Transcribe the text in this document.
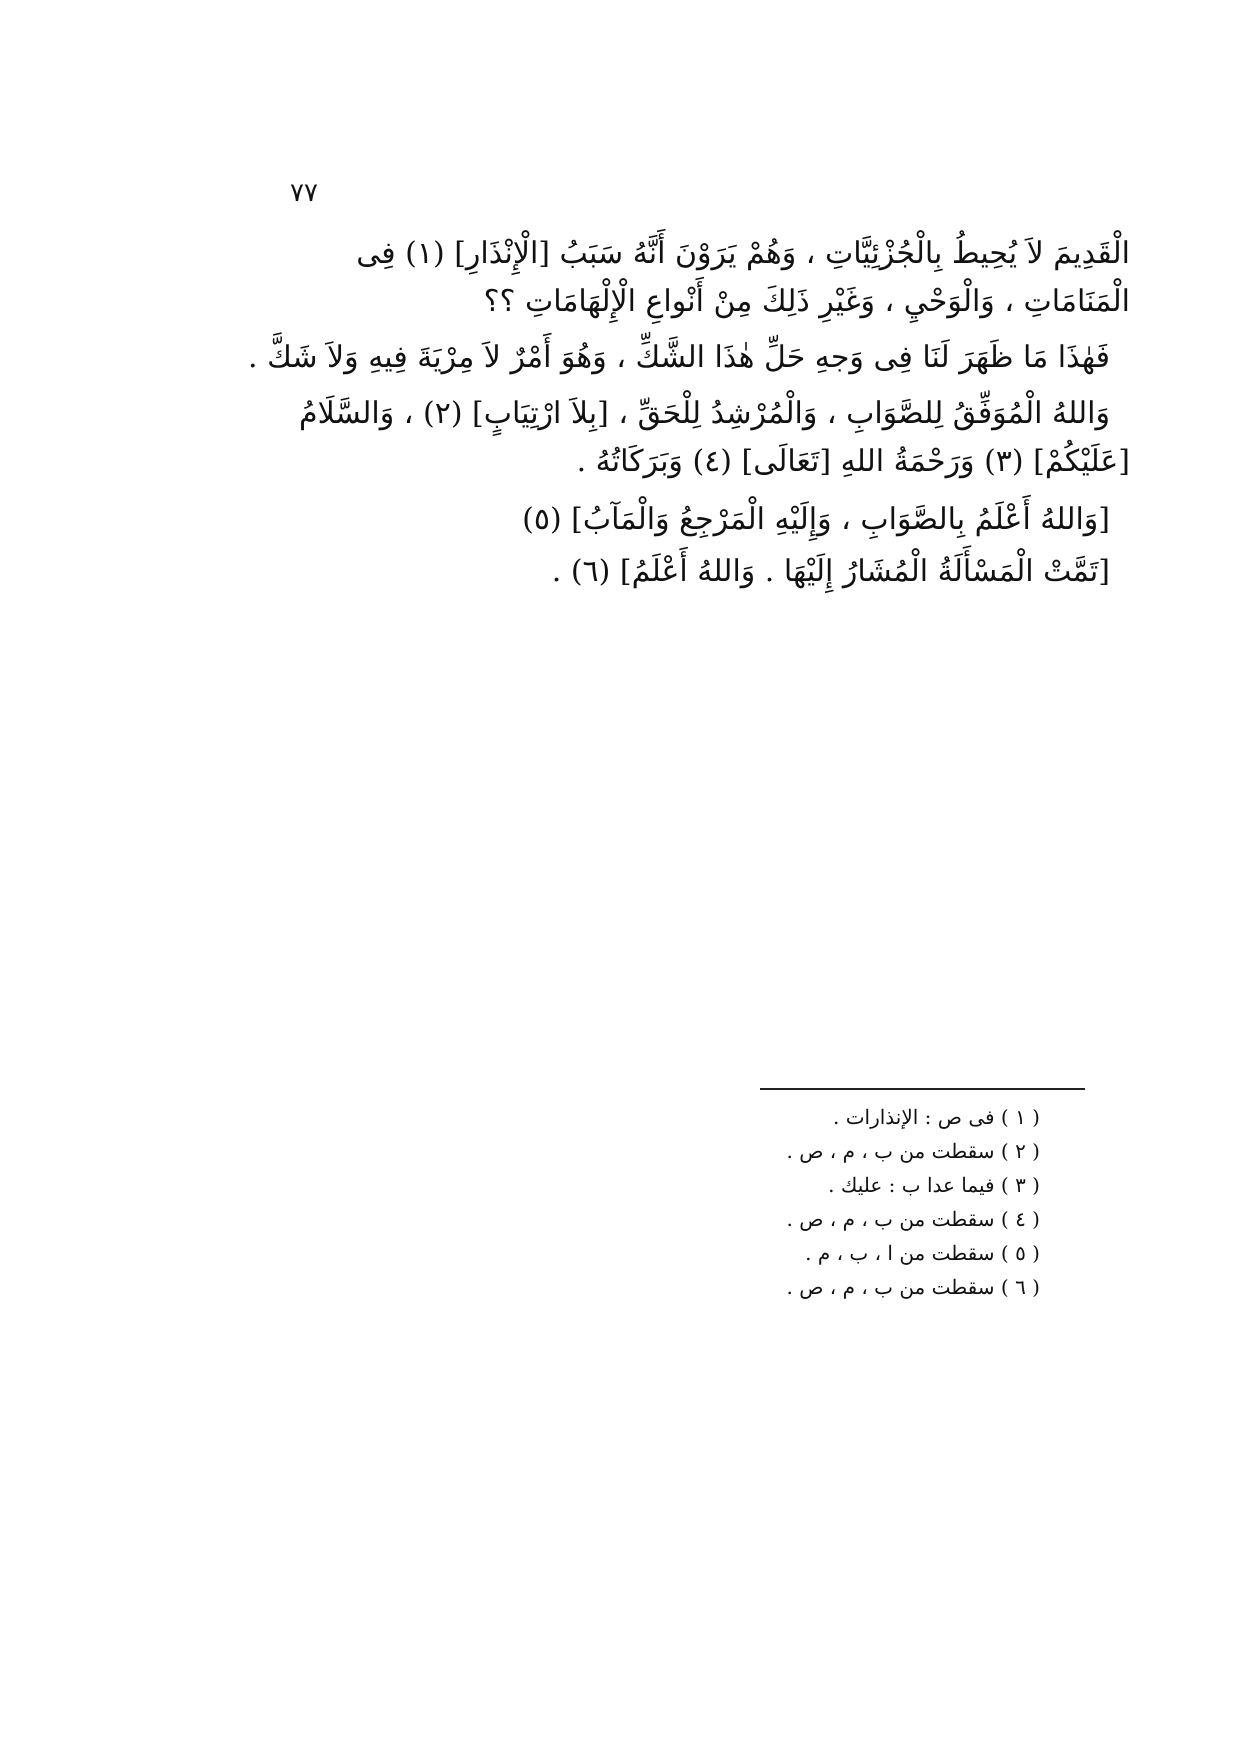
٧٧
الْقَدِيمَ لاَ يُحِيطُ بِالْجُزْئِيَّاتِ ، وَهُمْ يَرَوْنَ أَنَّهُ سَبَبُ [الْإِنْذَارِ] (١) فِى
الْمَنَامَاتِ ، وَالْوَحْيِ ، وَغَيْرِ ذَلِكَ مِنْ أَنْواعِ الْإِلْهَامَاتِ ؟؟
فَهٰذَا مَا ظَهَرَ لَنَا فِى وَجهِ حَلِّ هٰذَا الشَّكِّ ، وَهُوَ أَمْرٌ لاَ مِرْيَةَ فِيهِ وَلاَ شَكَّ .
وَاللهُ الْمُوَفِّقُ لِلصَّوَابِ ، وَالْمُرْشِدُ لِلْحَقِّ ، [بِلاَ ارْتِيَابٍ] (٢) ، وَالسَّلَامُ
[عَلَيْكُمْ] (٣) وَرَحْمَةُ اللهِ [تَعَالَى] (٤) وَبَرَكَاتُهُ .
[وَاللهُ أَعْلَمُ بِالصَّوَابِ ، وَإِلَيْهِ الْمَرْجِعُ وَالْمَآبُ] (٥)
[تَمَّتْ الْمَسْأَلَةُ الْمُشَارُ إِلَيْهَا . وَاللهُ أَعْلَمُ] (٦) .
( ١ ) فى ص : الإنذارات .
( ٢ ) سقطت من ب ، م ، ص .
( ٣ ) فيما عدا ب : عليك .
( ٤ ) سقطت من ب ، م ، ص .
( ٥ ) سقطت من ا ، ب ، م .
( ٦ ) سقطت من ب ، م ، ص .
